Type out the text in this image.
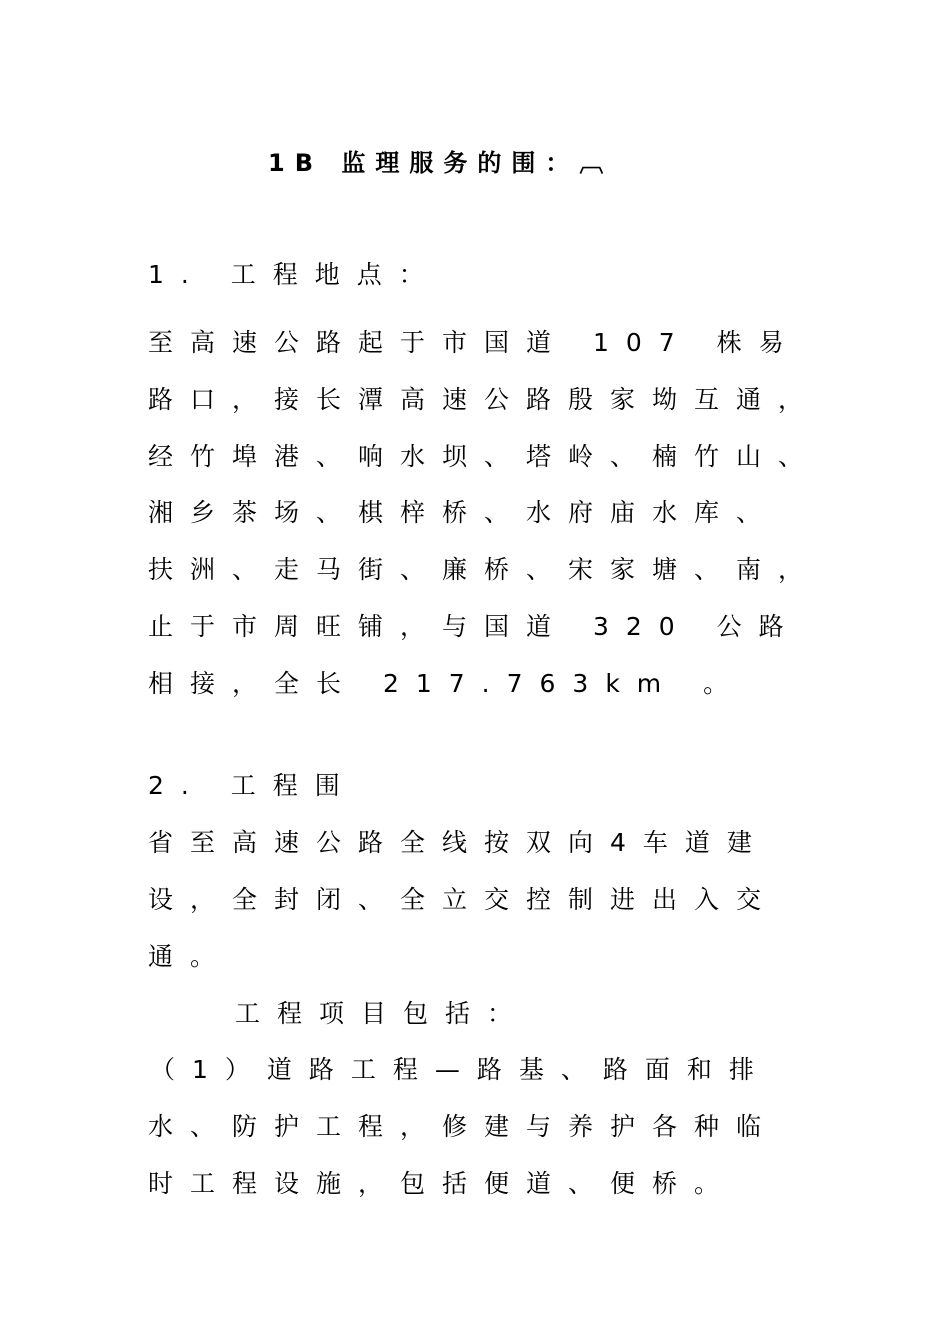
1B 监理服务的围：︹
1. 工程地点：
至高速公路起于市国道 107 株易
路口，接长潭高速公路殷家坳互通，
经竹埠港、响水坝、塔岭、楠竹山、
湘乡茶场、棋梓桥、水府庙水库、
扶洲、走马街、廉桥、宋家塘、南，
止于市周旺铺，与国道 320 公路
相接，全长 217.763km 。
2. 工程围
省至高速公路全线按双向4车道建
设，全封闭、全立交控制进出入交
通。
工程项目包括：
（1）道路工程—路基、路面和排
水、防护工程，修建与养护各种临
时工程设施，包括便道、便桥。
